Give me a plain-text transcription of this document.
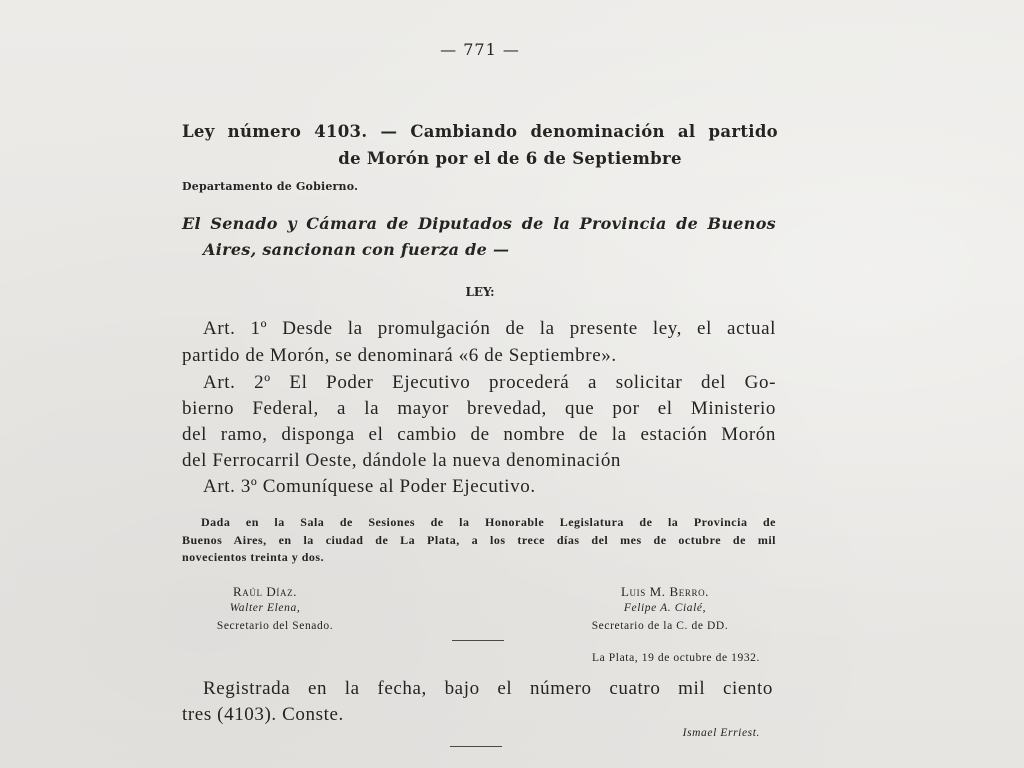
— 771 —
Ley número 4103. — Cambiando denominación al partido
de Morón por el de 6 de Septiembre
Departamento de Gobierno.
El Senado y Cámara de Diputados de la Provincia de Buenos
Aires, sancionan con fuerza de —
LEY:
Art. 1º Desde la promulgación de la presente ley, el actual
partido de Morón, se denominará «6 de Septiembre».
Art. 2º El Poder Ejecutivo procederá a solicitar del Go-
bierno Federal, a la mayor brevedad, que por el Ministerio
del ramo, disponga el cambio de nombre de la estación Morón
del Ferrocarril Oeste, dándole la nueva denominación
Art. 3º Comuníquese al Poder Ejecutivo.
Dada en la Sala de Sesiones de la Honorable Legislatura de la Provincia de
Buenos Aires, en la ciudad de La Plata, a los trece días del mes de octubre de mil
novecientos treinta y dos.
Raúl Díaz.
Walter Elena,
Secretario del Senado.
Luis M. Berro.
Felipe A. Cialé,
Secretario de la C. de DD.
La Plata, 19 de octubre de 1932.
Registrada en la fecha, bajo el número cuatro mil ciento
tres (4103). Conste.
Ismael Erriest.
